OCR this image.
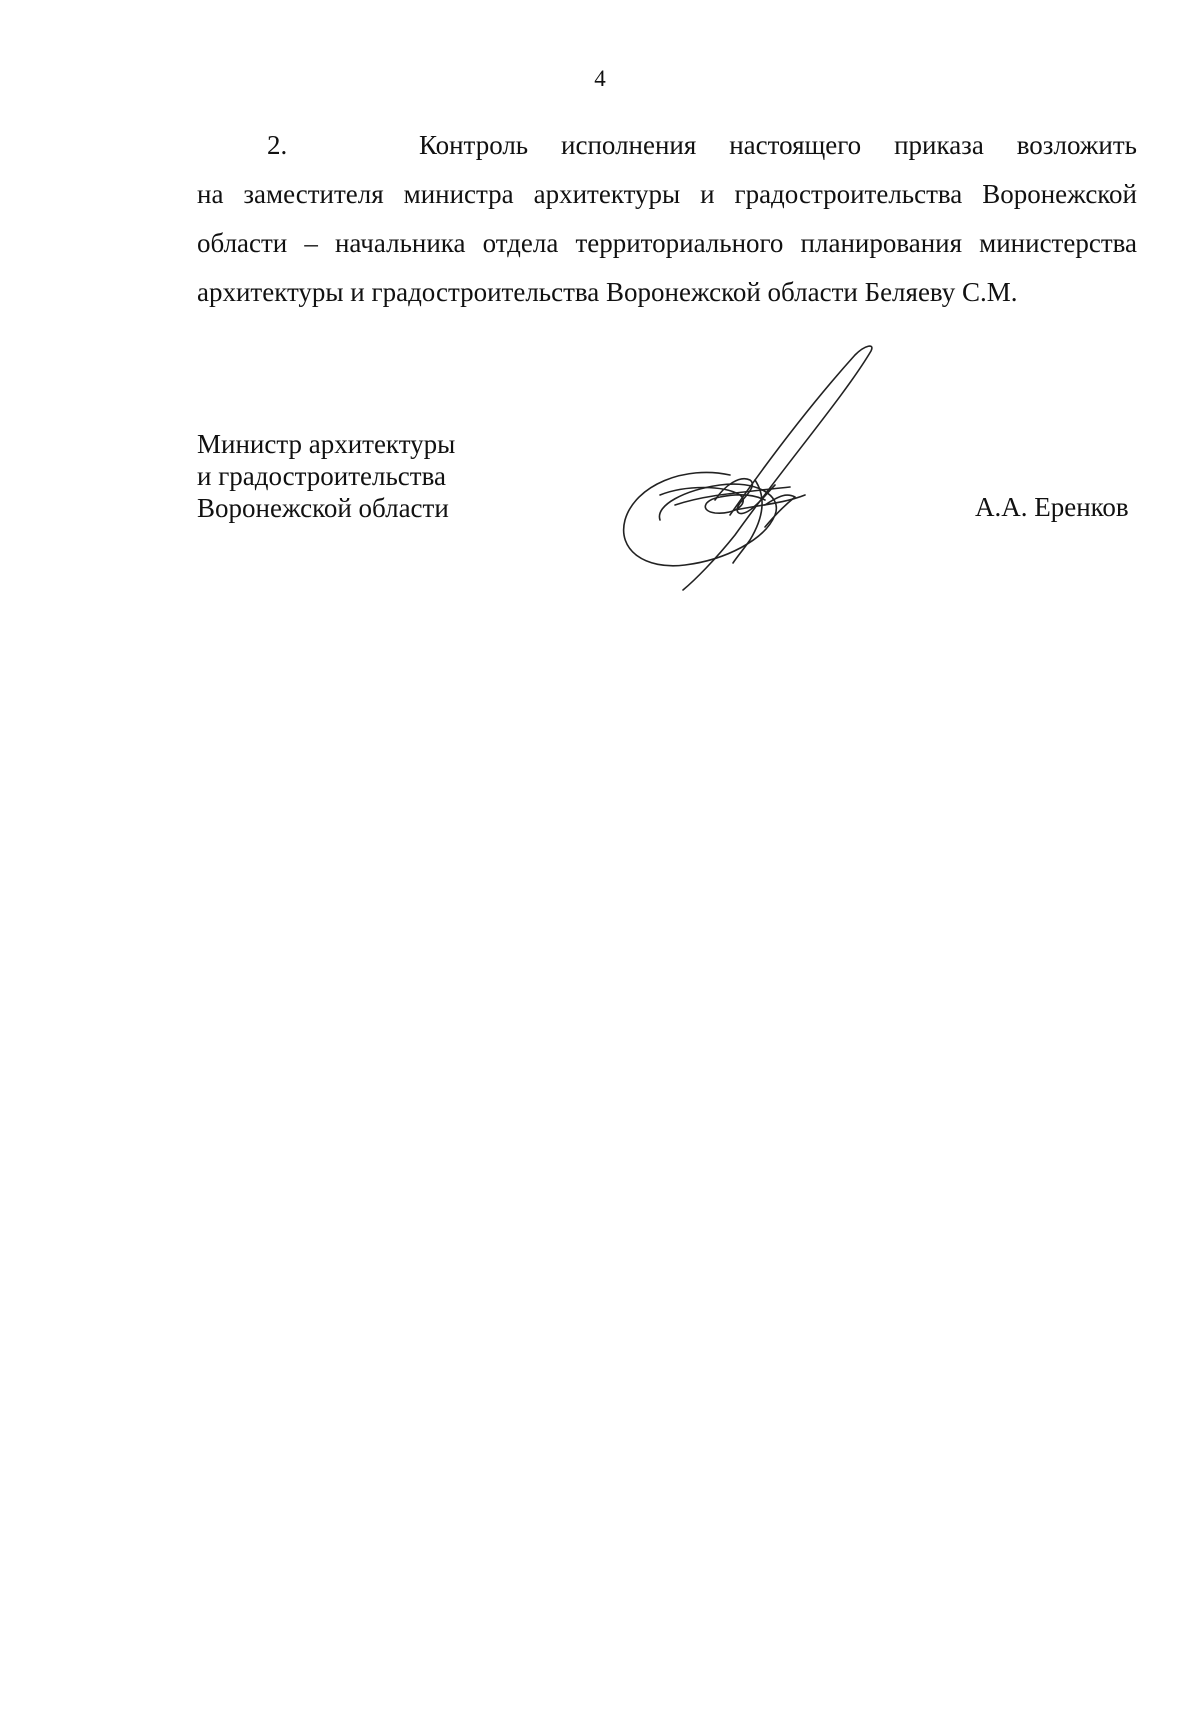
4

2.    Контроль исполнения настоящего приказа возложить
на заместителя министра архитектуры и градостроительства Воронежской
области – начальника отдела территориального планирования министерства
архитектуры и градостроительства Воронежской области Беляеву С.М.

Министр архитектуры
и градостроительства
Воронежской области	А.А. Еренков
